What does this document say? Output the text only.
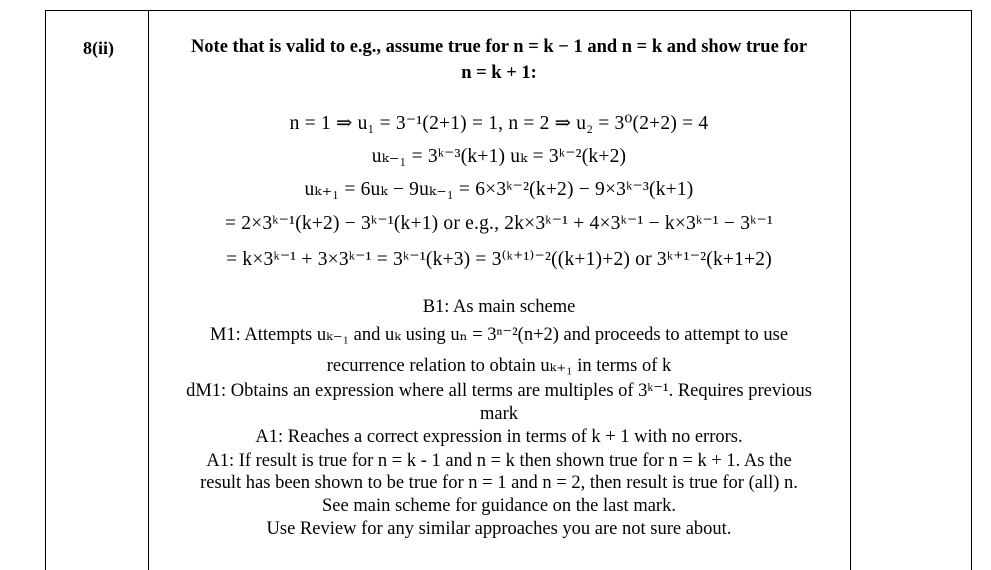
8(ii)	Note that is valid to e.g., assume true for n = k − 1 and n = k and show true for
n = k + 1:
n = 1 ⇒ u₁ = 3⁻¹(2+1) = 1, n = 2 ⇒ u₂ = 3⁰(2+2) = 4
uₖ₋₁ = 3ᵏ⁻³(k+1) uₖ = 3ᵏ⁻²(k+2)
uₖ₊₁ = 6uₖ − 9uₖ₋₁ = 6×3ᵏ⁻²(k+2) − 9×3ᵏ⁻³(k+1)
= 2×3ᵏ⁻¹(k+2) − 3ᵏ⁻¹(k+1) or e.g., 2k×3ᵏ⁻¹ + 4×3ᵏ⁻¹ − k×3ᵏ⁻¹ − 3ᵏ⁻¹
= k×3ᵏ⁻¹ + 3×3ᵏ⁻¹ = 3ᵏ⁻¹(k+3) = 3⁽ᵏ⁺¹⁾⁻²((k+1)+2) or 3ᵏ⁺¹⁻²(k+1+2)
B1: As main scheme
M1: Attempts uₖ₋₁ and uₖ using uₙ = 3ⁿ⁻²(n+2) and proceeds to attempt to use
recurrence relation to obtain uₖ₊₁ in terms of k
dM1: Obtains an expression where all terms are multiples of 3ᵏ⁻¹. Requires previous
mark
A1: Reaches a correct expression in terms of k + 1 with no errors.
A1: If result is true for n = k - 1 and n = k then shown true for n = k + 1. As the
result has been shown to be true for n = 1 and n = 2, then result is true for (all) n.
See main scheme for guidance on the last mark.
Use Review for any similar approaches you are not sure about.
